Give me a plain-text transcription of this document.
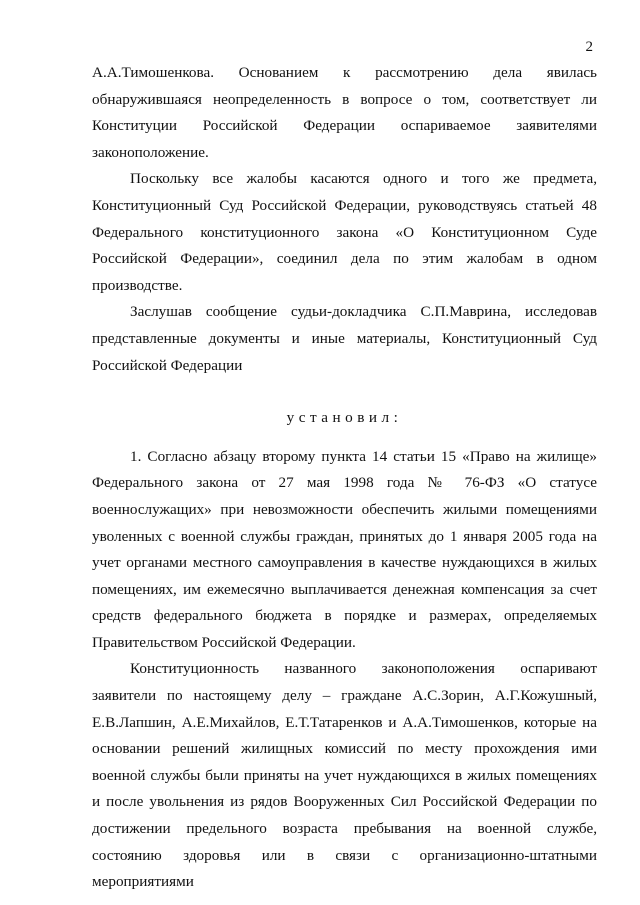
2

А.А.Тимошенкова. Основанием к рассмотрению дела явилась обнаружившаяся неопределенность в вопросе о том, соответствует ли Конституции Российской Федерации оспариваемое заявителями законоположение.

Поскольку все жалобы касаются одного и того же предмета, Конституционный Суд Российской Федерации, руководствуясь статьей 48 Федерального конституционного закона «О Конституционном Суде Российской Федерации», соединил дела по этим жалобам в одном производстве.

Заслушав сообщение судьи-докладчика С.П.Маврина, исследовав представленные документы и иные материалы, Конституционный Суд Российской Федерации

установил:

1. Согласно абзацу второму пункта 14 статьи 15 «Право на жилище» Федерального закона от 27 мая 1998 года № 76-ФЗ «О статусе военнослужащих» при невозможности обеспечить жилыми помещениями уволенных с военной службы граждан, принятых до 1 января 2005 года на учет органами местного самоуправления в качестве нуждающихся в жилых помещениях, им ежемесячно выплачивается денежная компенсация за счет средств федерального бюджета в порядке и размерах, определяемых Правительством Российской Федерации.

Конституционность названного законоположения оспаривают заявители по настоящему делу – граждане А.С.Зорин, А.Г.Кожушный, Е.В.Лапшин, А.Е.Михайлов, Е.Т.Татаренков и А.А.Тимошенков, которые на основании решений жилищных комиссий по месту прохождения ими военной службы были приняты на учет нуждающихся в жилых помещениях и после увольнения из рядов Вооруженных Сил Российской Федерации по достижении предельного возраста пребывания на военной службе, состоянию здоровья или в связи с организационно-штатными мероприятиями
